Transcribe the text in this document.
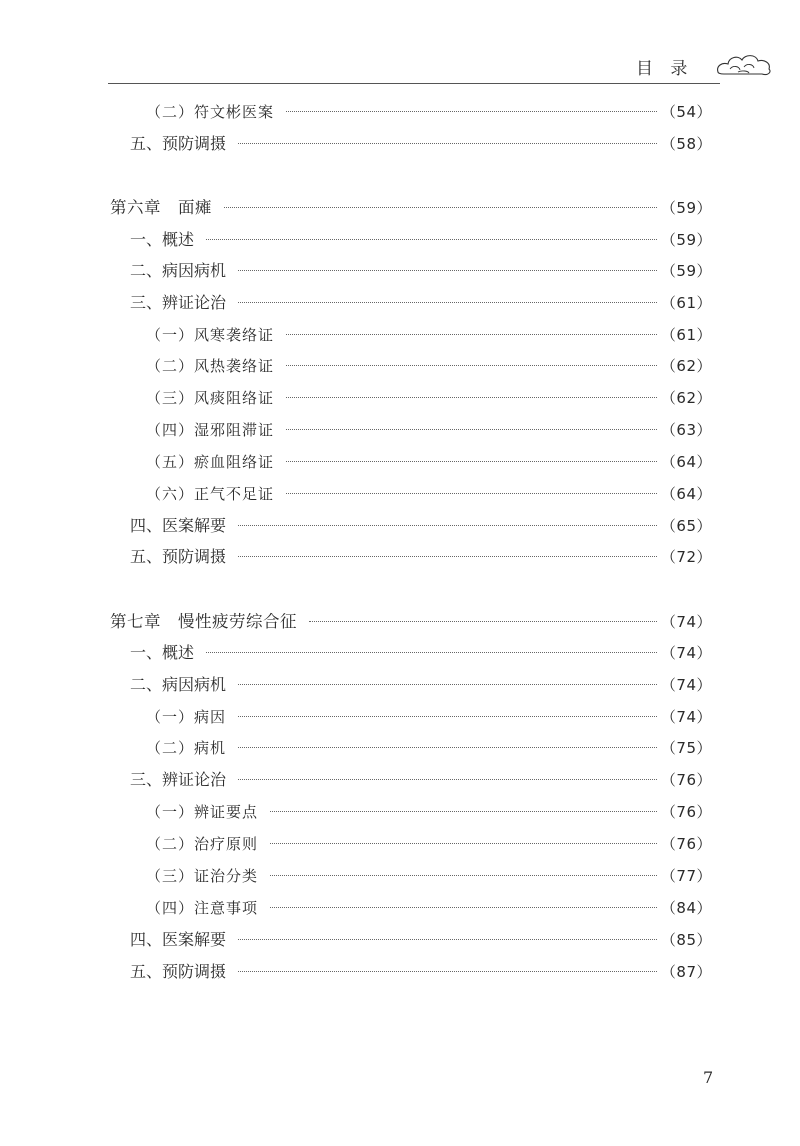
目 录
（二）符文彬医案	（54）
五、预防调摄	（58）
第六章　面瘫	（59）
一、概述	（59）
二、病因病机	（59）
三、辨证论治	（61）
（一）风寒袭络证	（61）
（二）风热袭络证	（62）
（三）风痰阻络证	（62）
（四）湿邪阻滞证	（63）
（五）瘀血阻络证	（64）
（六）正气不足证	（64）
四、医案解要	（65）
五、预防调摄	（72）
第七章　慢性疲劳综合征	（74）
一、概述	（74）
二、病因病机	（74）
（一）病因	（74）
（二）病机	（75）
三、辨证论治	（76）
（一）辨证要点	（76）
（二）治疗原则	（76）
（三）证治分类	（77）
（四）注意事项	（84）
四、医案解要	（85）
五、预防调摄	（87）
7
